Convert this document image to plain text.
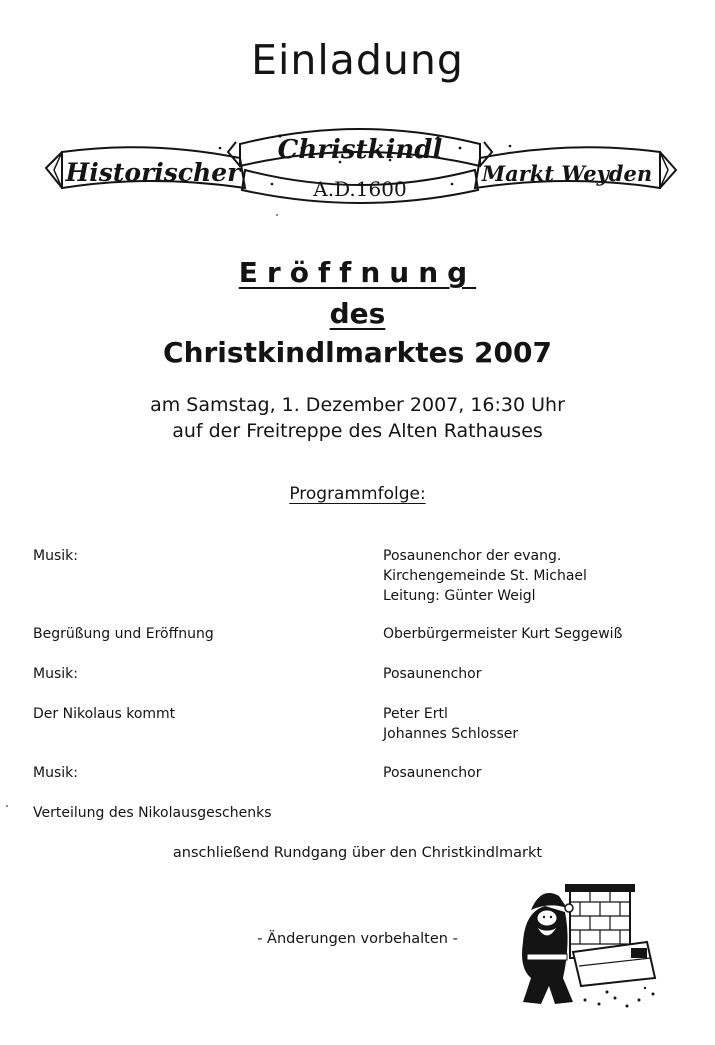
Einladung
Christkindl
Historischer	Markt Weyden
A.D.1600
Eröffnung
des
Christkindlmarktes 2007
am Samstag, 1. Dezember 2007, 16:30 Uhr
auf der Freitreppe des Alten Rathauses
Programmfolge:
Musik:	Posaunenchor der evang.
Kirchengemeinde St. Michael
Leitung: Günter Weigl
Begrüßung und Eröffnung	Oberbürgermeister Kurt Seggewiß
Musik:	Posaunenchor
Der Nikolaus kommt	Peter Ertl
Johannes Schlosser
Musik:	Posaunenchor
Verteilung des Nikolausgeschenks
anschließend Rundgang über den Christkindlmarkt
- Änderungen vorbehalten -
